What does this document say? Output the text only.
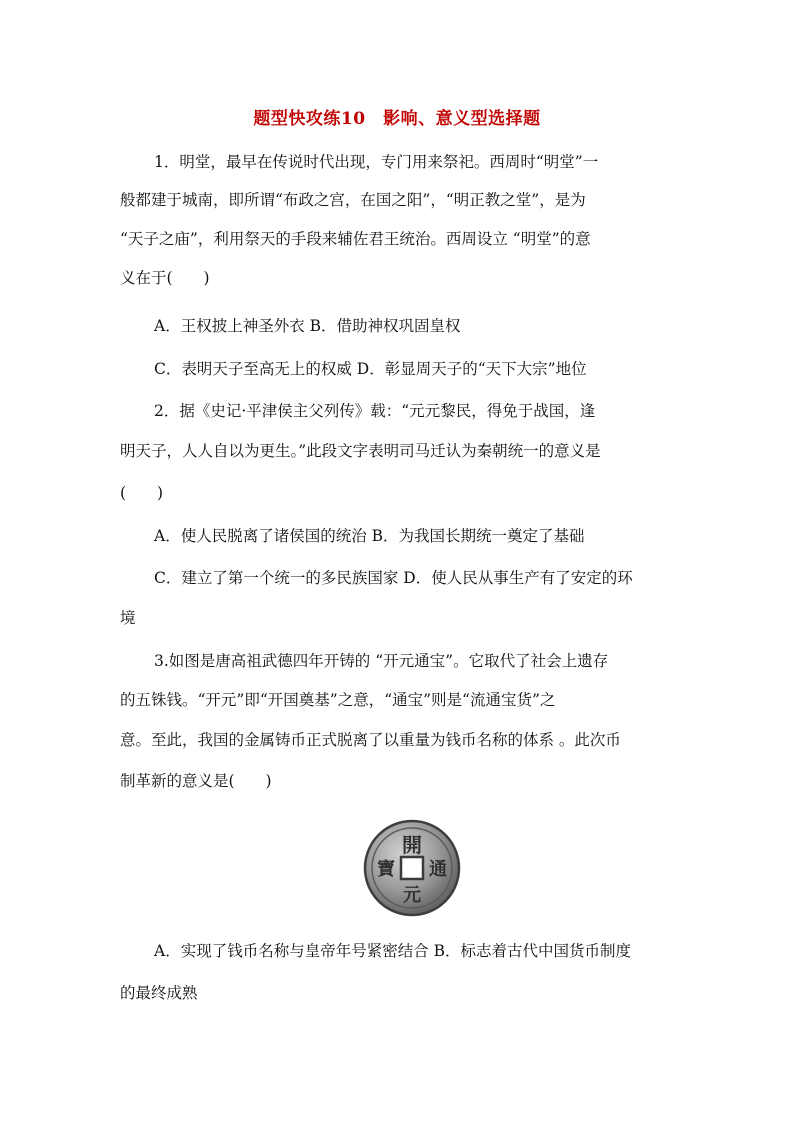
题型快攻练10　影响、意义型选择题
1．明堂，最早在传说时代出现，专门用来祭祀。西周时“明堂”一
般都建于城南，即所谓“布政之宫，在国之阳”，“明正教之堂”，是为
“天子之庙”，利用祭天的手段来辅佐君王统治。西周设立 “明堂”的意
义在于(　　)
A．王权披上神圣外衣 B．借助神权巩固皇权
C．表明天子至高无上的权威 D．彰显周天子的“天下大宗”地位
2．据《史记·平津侯主父列传》载：“元元黎民，得免于战国，逢
明天子，人人自以为更生。”此段文字表明司马迁认为秦朝统一的意义是
(　　)
A．使人民脱离了诸侯国的统治 B．为我国长期统一奠定了基础
C．建立了第一个统一的多民族国家 D．使人民从事生产有了安定的环
境
3.如图是唐高祖武德四年开铸的 “开元通宝”。它取代了社会上遗存
的五铢钱。“开元”即“开国奠基”之意，“通宝”则是“流通宝货”之
意。至此，我国的金属铸币正式脱离了以重量为钱币名称的体系 。此次币
制革新的意义是(　　)
開
通
元
寶
A．实现了钱币名称与皇帝年号紧密结合 B．标志着古代中国货币制度
的最终成熟
